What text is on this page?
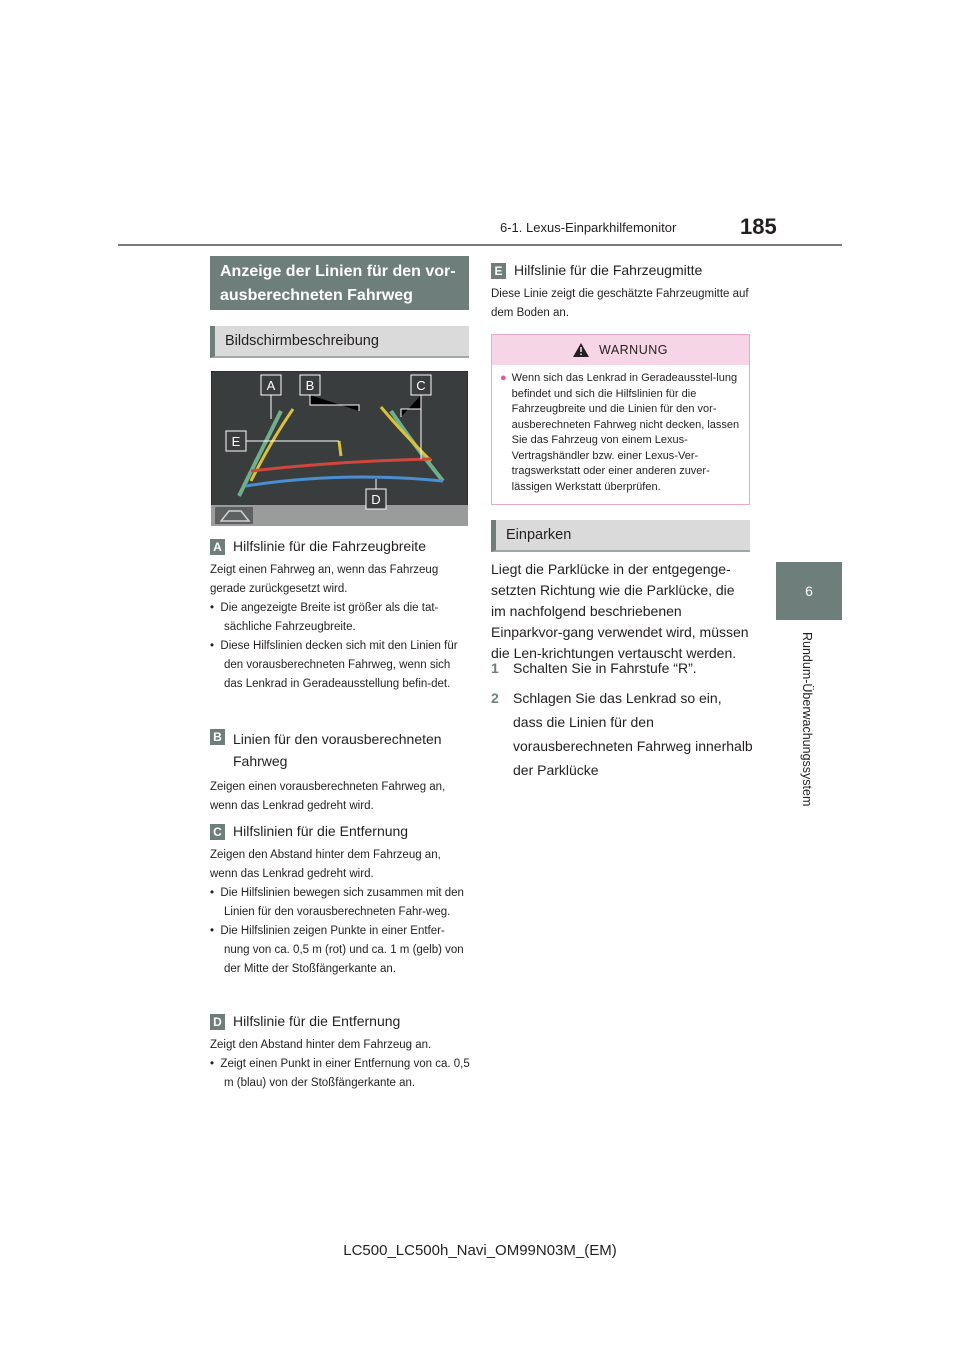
6-1. Lexus-Einparkhilfemonitor	185
6
Rundum-Überwachungssystem
Anzeige der Linien für den vor-ausberechneten Fahrweg
Bildschirmbeschreibung
A B	C
E
D
A Hilfslinie für die Fahrzeugbreite
Zeigt einen Fahrweg an, wenn das Fahrzeug gerade zurückgesetzt wird.
•  Die angezeigte Breite ist größer als die tat-sächliche Fahrzeugbreite.
•  Diese Hilfslinien decken sich mit den Linien für den vorausberechneten Fahrweg, wenn sich das Lenkrad in Geradeausstellung befin-det.
B Linien für den vorausberechneten Fahrweg
Zeigen einen vorausberechneten Fahrweg an, wenn das Lenkrad gedreht wird.
C Hilfslinien für die Entfernung
Zeigen den Abstand hinter dem Fahrzeug an, wenn das Lenkrad gedreht wird.
•  Die Hilfslinien bewegen sich zusammen mit den Linien für den vorausberechneten Fahr-weg.
•  Die Hilfslinien zeigen Punkte in einer Entfer-nung von ca. 0,5 m (rot) und ca. 1 m (gelb) von der Mitte der Stoßfängerkante an.
D Hilfslinie für die Entfernung
Zeigt den Abstand hinter dem Fahrzeug an.
•  Zeigt einen Punkt in einer Entfernung von ca. 0,5 m (blau) von der Stoßfängerkante an.
E Hilfslinie für die Fahrzeugmitte
Diese Linie zeigt die geschätzte Fahrzeugmitte auf dem Boden an.
WARNUNG
● Wenn sich das Lenkrad in Geradeausstel-lung befindet und sich die Hilfslinien für die Fahrzeugbreite und die Linien für den vor-ausberechneten Fahrweg nicht decken, lassen Sie das Fahrzeug von einem Lexus-Vertragshändler bzw. einer Lexus-Ver-tragswerkstatt oder einer anderen zuver-lässigen Werkstatt überprüfen.
Einparken
Liegt die Parklücke in der entgegenge-setzten Richtung wie die Parklücke, die im nachfolgend beschriebenen Einparkvor-gang verwendet wird, müssen die Len-krichtungen vertauscht werden.
1	Schalten Sie in Fahrstufe “R”.
2	Schlagen Sie das Lenkrad so ein, dass die Linien für den vorausberechneten Fahrweg innerhalb der Parklücke
LC500_LC500h_Navi_OM99N03M_(EM)
